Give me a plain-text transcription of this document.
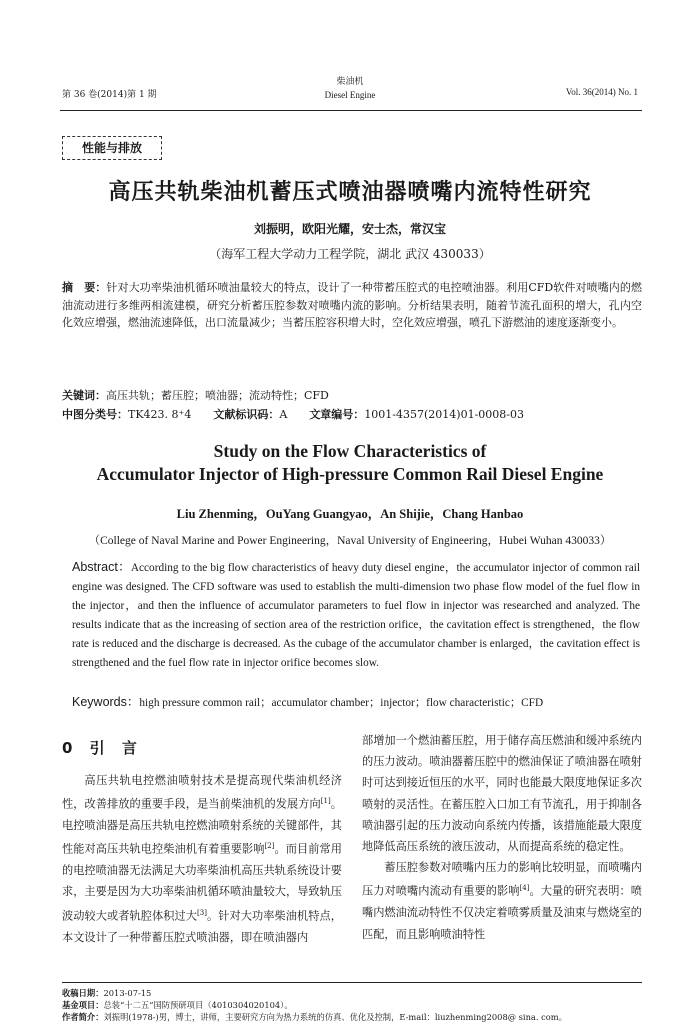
第 36 卷(2014)第 1 期
柴油机
Diesel Engine	Vol. 36(2014) No. 1
性能与排放
高压共轨柴油机蓄压式喷油器喷嘴内流特性研究
刘振明，欧阳光耀，安士杰，常汉宝
（海军工程大学动力工程学院，湖北 武汉 430033）
摘　要：针对大功率柴油机循环喷油量较大的特点，设计了一种带蓄压腔式的电控喷油器。利用CFD软件对喷嘴内的燃油流动进行多维两相流建模，研究分析蓄压腔参数对喷嘴内流的影响。分析结果表明，随着节流孔面积的增大，孔内空化效应增强，燃油流速降低，出口流量减少；当蓄压腔容积增大时，空化效应增强，喷孔下游燃油的速度逐渐变小。
关键词：高压共轨；蓄压腔；喷油器；流动特性；CFD
中图分类号：TK423. 8⁺4 文献标识码：A 文章编号：1001-4357(2014)01-0008-03
Study on the Flow Characteristics of
Accumulator Injector of High-pressure Common Rail Diesel Engine
Liu Zhenming，OuYang Guangyao，An Shijie，Chang Hanbao
（College of Naval Marine and Power Engineering，Naval University of Engineering，Hubei Wuhan 430033）
Abstract：According to the big flow characteristics of heavy duty diesel engine，the accumulator injector of common rail engine was designed. The CFD software was used to establish the multi-dimension two phase flow model of the fuel flow in the injector，and then the influence of accumulator parameters to fuel flow in injector was researched and analyzed. The results indicate that as the increasing of section area of the restriction orifice，the cavitation effect is strengthened，the flow rate is reduced and the discharge is decreased. As the cubage of the accumulator chamber is enlarged，the cavitation effect is strengthened and the fuel flow rate in injector orifice becomes slow.
Keywords：high pressure common rail；accumulator chamber；injector；flow characteristic；CFD
0 引 言

高压共轨电控燃油喷射技术是提高现代柴油机经济性，改善排放的重要手段，是当前柴油机的发展方向[1]。电控喷油器是高压共轨电控燃油喷射系统的关键部件，其性能对高压共轨电控柴油机有着重要影响[2]。而目前常用的电控喷油器无法满足大功率柴油机高压共轨系统设计要求，主要是因为大功率柴油机循环喷油量较大，导致轨压波动较大或者轨腔体积过大[3]。针对大功率柴油机特点，本文设计了一种带蓄压腔式喷油器，即在喷油器内

部增加一个燃油蓄压腔，用于储存高压燃油和缓冲系统内的压力波动。喷油器蓄压腔中的燃油保证了喷油器在喷射时可达到接近恒压的水平，同时也能最大限度地保证多次喷射的灵活性。在蓄压腔入口加工有节流孔，用于抑制各喷油器引起的压力波动向系统内传播，该措施能最大限度地降低高压系统的液压波动，从而提高系统的稳定性。

蓄压腔参数对喷嘴内压力的影响比较明显，而喷嘴内压力对喷嘴内流动有重要的影响[4]。大量的研究表明：喷嘴内燃油流动特性不仅决定着喷雾质量及油束与燃烧室的匹配，而且影响喷油特性

收稿日期：2013-07-15
基金项目：总装“十二五”国防预研项目（4010304020104）。
作者简介：刘振明(1978-)男，博士，讲师，主要研究方向为热力系统的仿真、优化及控制，E-mail：liuzhenming2008@ sina. com。
